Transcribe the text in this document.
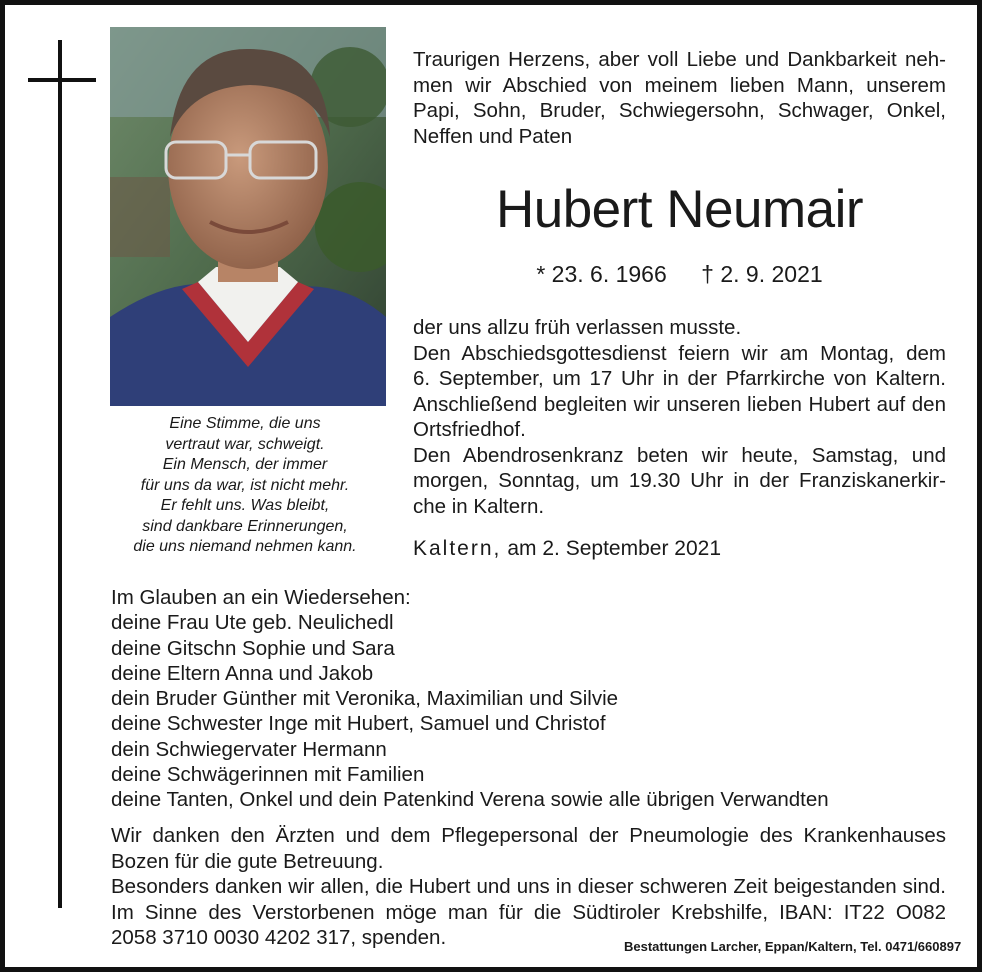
Eine Stimme, die uns
vertraut war, schweigt.
Ein Mensch, der immer
für uns da war, ist nicht mehr.
Er fehlt uns. Was bleibt,
sind dankbare Erinnerungen,
die uns niemand nehmen kann.
Traurigen Herzens, aber voll Liebe und Dankbarkeit neh-
men wir Abschied von meinem lieben Mann, unserem
Papi, Sohn, Bruder, Schwiegersohn, Schwager, Onkel,
Neffen und Paten
Hubert Neumair
* 23. 6. 1966 † 2. 9. 2021
der uns allzu früh verlassen musste.
Den Abschiedsgottesdienst feiern wir am Montag, dem
6. September, um 17 Uhr in der Pfarrkirche von Kaltern.
Anschließend begleiten wir unseren lieben Hubert auf den
Ortsfriedhof.
Den Abendrosenkranz beten wir heute, Samstag, und
morgen, Sonntag, um 19.30 Uhr in der Franziskanerkir-
che in Kaltern.
Kaltern, am 2. September 2021
Im Glauben an ein Wiedersehen:
deine Frau Ute geb. Neulichedl
deine Gitschn Sophie und Sara
deine Eltern Anna und Jakob
dein Bruder Günther mit Veronika, Maximilian und Silvie
deine Schwester Inge mit Hubert, Samuel und Christof
dein Schwiegervater Hermann
deine Schwägerinnen mit Familien
deine Tanten, Onkel und dein Patenkind Verena sowie alle übrigen Verwandten
Wir danken den Ärzten und dem Pflegepersonal der Pneumologie des Krankenhauses
Bozen für die gute Betreuung.
Besonders danken wir allen, die Hubert und uns in dieser schweren Zeit beigestanden sind.
Im Sinne des Verstorbenen möge man für die Südtiroler Krebshilfe, IBAN: IT22 O082
2058 3710 0030 4202 317, spenden.	Bestattungen Larcher, Eppan/Kaltern, Tel. 0471/660897
